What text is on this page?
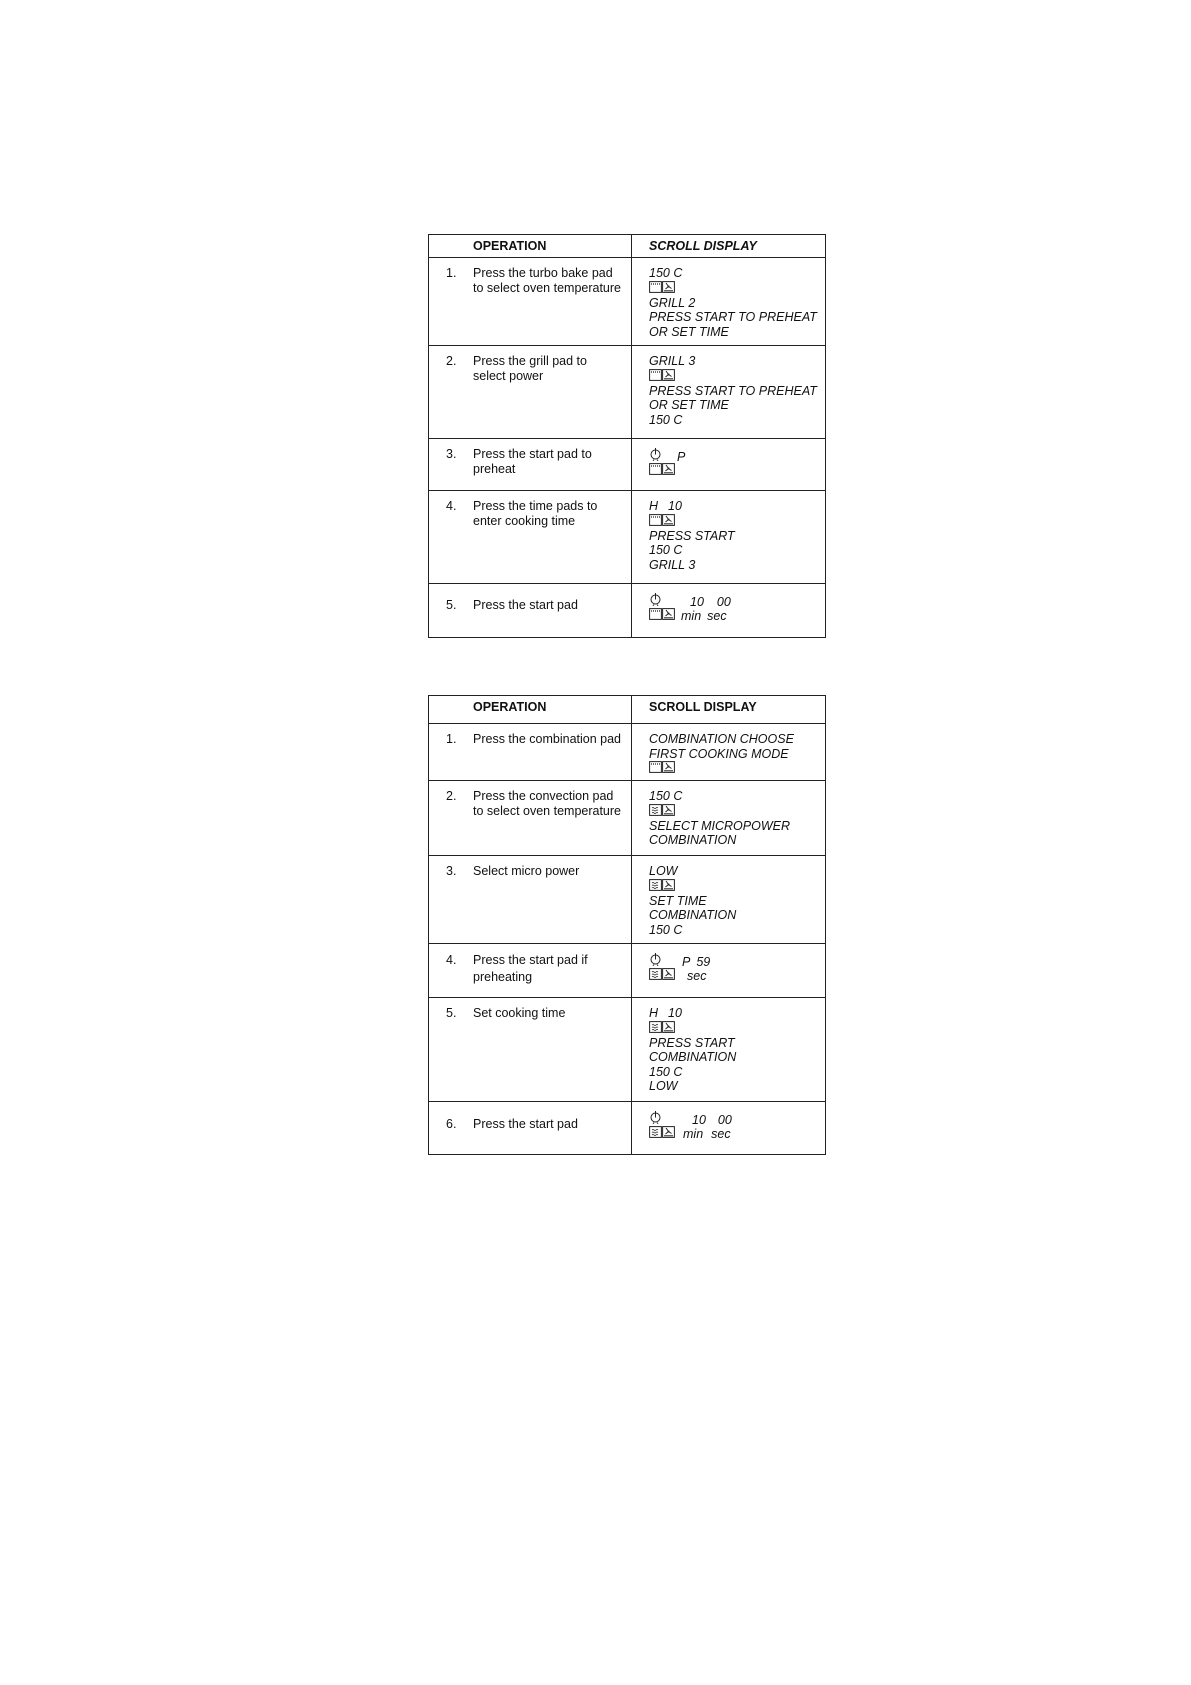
OPERATION	SCROLL DISPLAY

1. Press the turbo bake pad
to select oven temperature	150 C
GRILL 2
PRESS START TO PREHEAT
OR SET TIME

2. Press the grill pad to
select power	GRILL 3
PRESS START TO PREHEAT
OR SET TIME
150 C

3. Press the start pad to
preheat	P

4. Press the time pads to
enter cooking time	H 10
PRESS START
150 C
GRILL 3

5. Press the start pad	10 00
min sec
OPERATION	SCROLL DISPLAY

1. Press the combination pad	COMBINATION CHOOSE
FIRST COOKING MODE

2. Press the convection pad
to select oven temperature	150 C
SELECT MICROPOWER
COMBINATION

3. Select micro power	LOW
SET TIME
COMBINATION
150 C

4. Press the start pad if
preheating	P 59
sec

5. Set cooking time	H 10
PRESS START
COMBINATION
150 C
LOW

6. Press the start pad	10 00
min sec
